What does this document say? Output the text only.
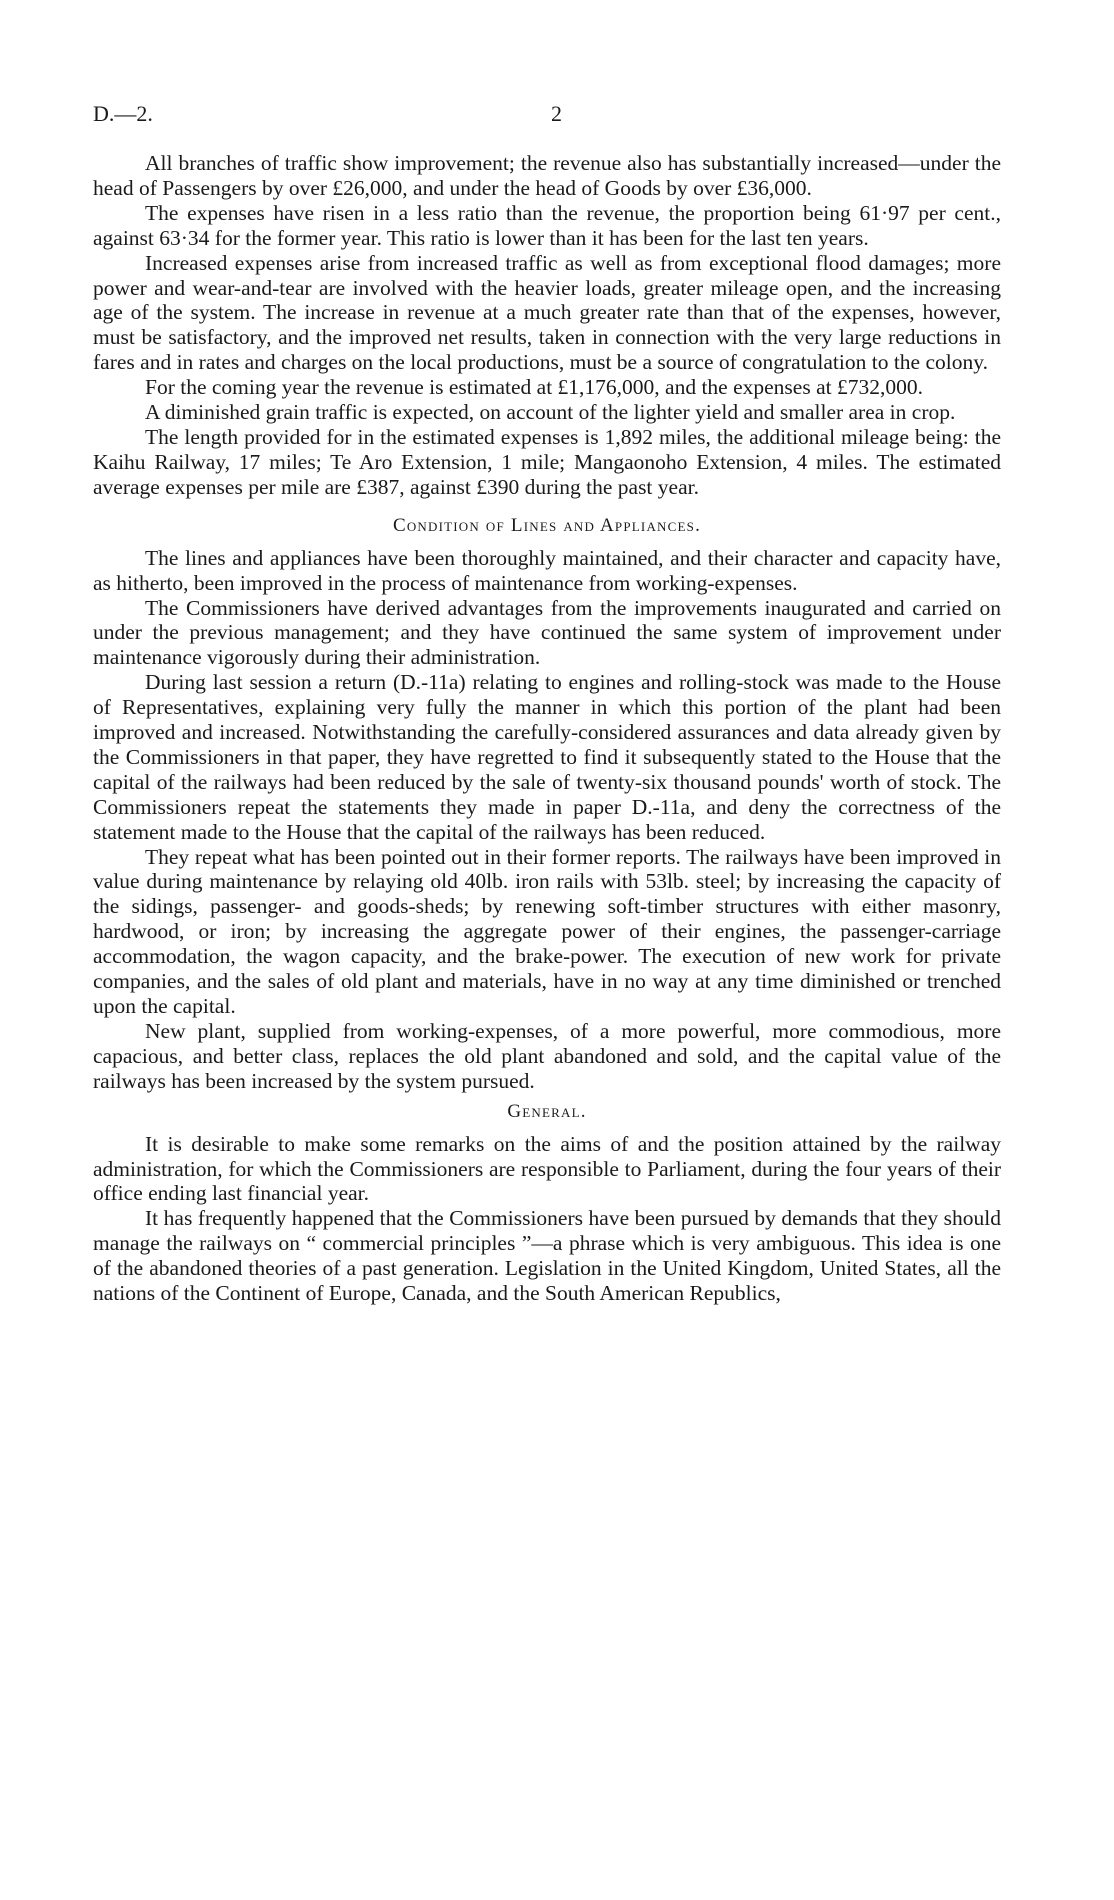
D.—2.	2

All branches of traffic show improvement; the revenue also has substantially increased—under the head of Passengers by over £26,000, and under the head of Goods by over £36,000.

The expenses have risen in a less ratio than the revenue, the proportion being 61·97 per cent., against 63·34 for the former year. This ratio is lower than it has been for the last ten years.

Increased expenses arise from increased traffic as well as from exceptional flood damages; more power and wear-and-tear are involved with the heavier loads, greater mileage open, and the increasing age of the system. The increase in revenue at a much greater rate than that of the expenses, however, must be satisfactory, and the improved net results, taken in connection with the very large reductions in fares and in rates and charges on the local productions, must be a source of congratulation to the colony.

For the coming year the revenue is estimated at £1,176,000, and the expenses at £732,000.

A diminished grain traffic is expected, on account of the lighter yield and smaller area in crop.

The length provided for in the estimated expenses is 1,892 miles, the additional mileage being: the Kaihu Railway, 17 miles; Te Aro Extension, 1 mile; Mangaonoho Extension, 4 miles. The estimated average expenses per mile are £387, against £390 during the past year.

Condition of Lines and Appliances.

The lines and appliances have been thoroughly maintained, and their character and capacity have, as hitherto, been improved in the process of maintenance from working-expenses.

The Commissioners have derived advantages from the improvements inaugurated and carried on under the previous management; and they have continued the same system of improvement under maintenance vigorously during their administration.

During last session a return (D.-11a) relating to engines and rolling-stock was made to the House of Representatives, explaining very fully the manner in which this portion of the plant had been improved and increased. Notwithstanding the carefully-considered assurances and data already given by the Commissioners in that paper, they have regretted to find it subsequently stated to the House that the capital of the railways had been reduced by the sale of twenty-six thousand pounds' worth of stock. The Commissioners repeat the statements they made in paper D.-11a, and deny the correctness of the statement made to the House that the capital of the railways has been reduced.

They repeat what has been pointed out in their former reports. The railways have been improved in value during maintenance by relaying old 40lb. iron rails with 53lb. steel; by increasing the capacity of the sidings, passenger- and goods-sheds; by renewing soft-timber structures with either masonry, hardwood, or iron; by increasing the aggregate power of their engines, the passenger-carriage accommodation, the wagon capacity, and the brake-power. The execution of new work for private companies, and the sales of old plant and materials, have in no way at any time diminished or trenched upon the capital.

New plant, supplied from working-expenses, of a more powerful, more commodious, more capacious, and better class, replaces the old plant abandoned and sold, and the capital value of the railways has been increased by the system pursued.

General.

It is desirable to make some remarks on the aims of and the position attained by the railway administration, for which the Commissioners are responsible to Parliament, during the four years of their office ending last financial year.

It has frequently happened that the Commissioners have been pursued by demands that they should manage the railways on “ commercial principles ”—a phrase which is very ambiguous. This idea is one of the abandoned theories of a past generation. Legislation in the United Kingdom, United States, all the nations of the Continent of Europe, Canada, and the South American Republics,
